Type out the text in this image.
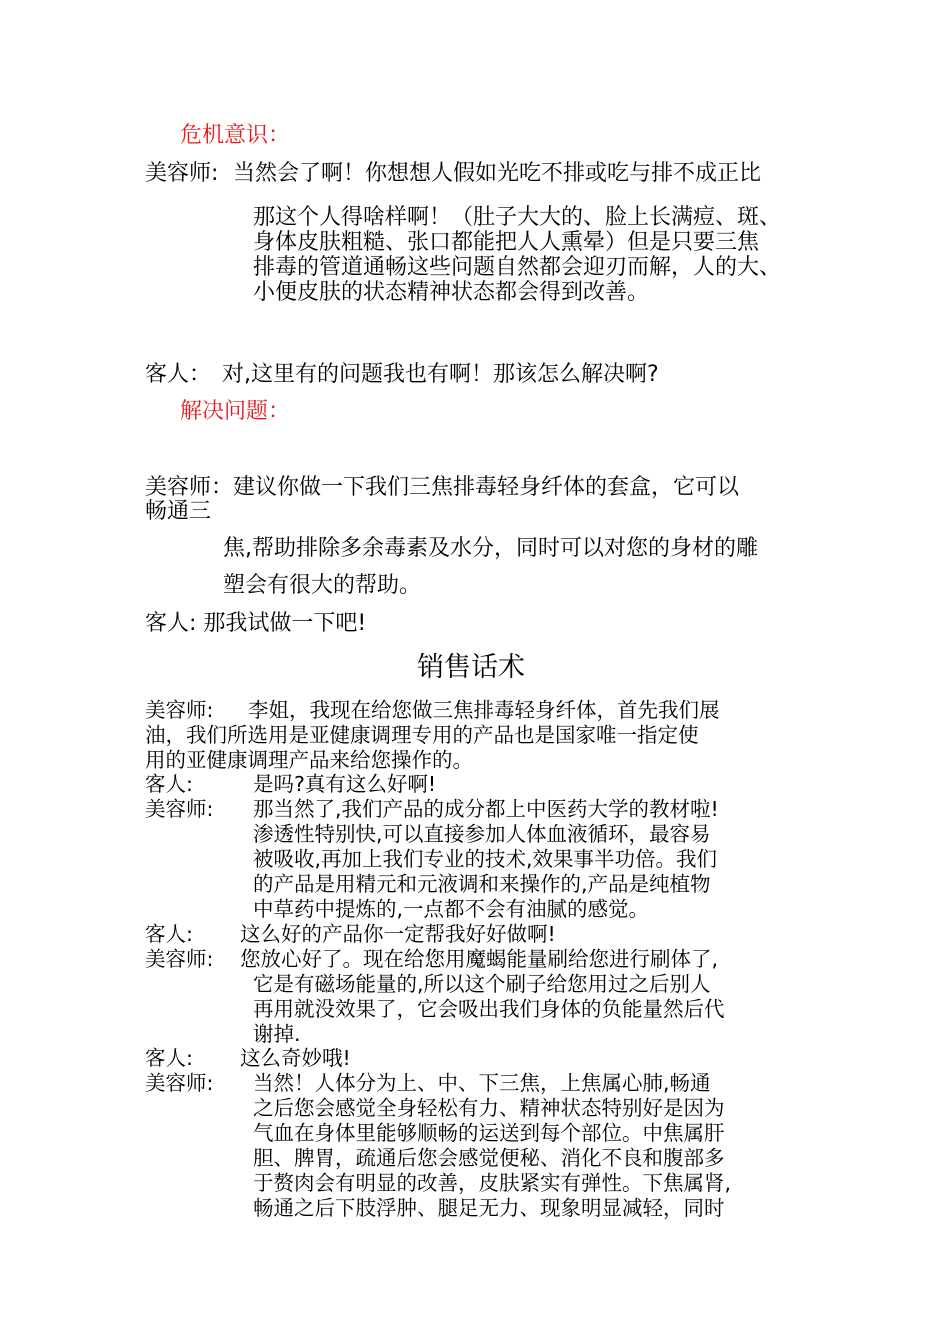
危机意识：
美容师: 当然会了啊！你想想人假如光吃不排或吃与排不成正比
那这个人得啥样啊！（肚子大大的、脸上长满痘、斑、
身体皮肤粗糙、张口都能把人人熏晕）但是只要三焦
排毒的管道通畅这些问题自然都会迎刃而解，人的大、
小便皮肤的状态精神状态都会得到改善。
客人：　对,这里有的问题我也有啊！那该怎么解决啊?
解决问题：
美容师：建议你做一下我们三焦排毒轻身纤体的套盒，它可以
畅通三
焦,帮助排除多余毒素及水分，同时可以对您的身材的雕
塑会有很大的帮助。
客人: 那我试做一下吧!
销售话术
美容师: 李姐，我现在给您做三焦排毒轻身纤体，首先我们展
油，我们所选用是亚健康调理专用的产品也是国家唯一指定使
用的亚健康调理产品来给您操作的。
客人:	是吗?真有这么好啊!
美容师: 那当然了,我们产品的成分都上中医药大学的教材啦!
渗透性特别快,可以直接参加人体血液循环，最容易
被吸收,再加上我们专业的技术,效果事半功倍。我们
的产品是用精元和元液调和来操作的,产品是纯植物
中草药中提炼的,一点都不会有油腻的感觉。
客人: 这么好的产品你一定帮我好好做啊!
美容师: 您放心好了。现在给您用魔蝎能量刷给您进行刷体了,
它是有磁场能量的,所以这个刷子给您用过之后别人
再用就没效果了，它会吸出我们身体的负能量然后代
谢掉.
客人: 这么奇妙哦!
美容师: 当然！人体分为上、中、下三焦，上焦属心肺,畅通
之后您会感觉全身轻松有力、精神状态特别好是因为
气血在身体里能够顺畅的运送到每个部位。中焦属肝
胆、脾胃，疏通后您会感觉便秘、消化不良和腹部多
于赘肉会有明显的改善，皮肤紧实有弹性。下焦属肾,
畅通之后下肢浮肿、腿足无力、现象明显减轻，同时
